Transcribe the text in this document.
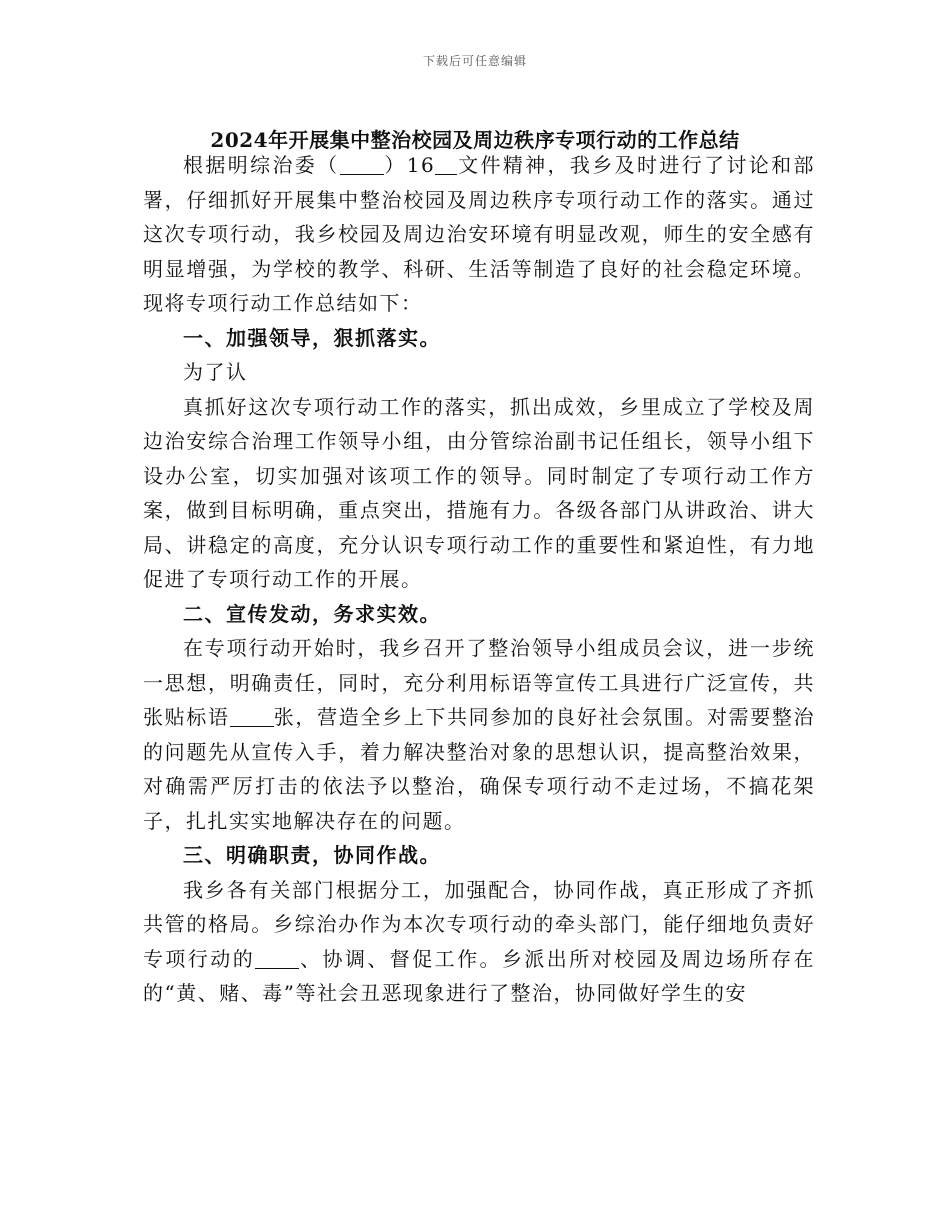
下载后可任意编辑
2024年开展集中整治校园及周边秩序专项行动的工作总结

根据明综治委（ ）16 文件精神，我乡及时进行了讨论和部署，仔细抓好开展集中整治校园及周边秩序专项行动工作的落实。通过这次专项行动，我乡校园及周边治安环境有明显改观，师生的安全感有明显增强，为学校的教学、科研、生活等制造了良好的社会稳定环境。现将专项行动工作总结如下：

一、加强领导，狠抓落实。

为了认

真抓好这次专项行动工作的落实，抓出成效，乡里成立了学校及周边治安综合治理工作领导小组，由分管综治副书记任组长，领导小组下设办公室，切实加强对该项工作的领导。同时制定了专项行动工作方案，做到目标明确，重点突出，措施有力。各级各部门从讲政治、讲大局、讲稳定的高度，充分认识专项行动工作的重要性和紧迫性，有力地促进了专项行动工作的开展。

二、宣传发动，务求实效。

在专项行动开始时，我乡召开了整治领导小组成员会议，进一步统一思想，明确责任，同时，充分利用标语等宣传工具进行广泛宣传，共张贴标语 张，营造全乡上下共同参加的良好社会氛围。对需要整治的问题先从宣传入手，着力解决整治对象的思想认识，提高整治效果，对确需严厉打击的依法予以整治，确保专项行动不走过场，不搞花架子，扎扎实实地解决存在的问题。

三、明确职责，协同作战。

我乡各有关部门根据分工，加强配合，协同作战，真正形成了齐抓共管的格局。乡综治办作为本次专项行动的牵头部门，能仔细地负责好专项行动的 、协调、督促工作。乡派出所对校园及周边场所存在的“黄、赌、毒”等社会丑恶现象进行了整治，协同做好学生的安
